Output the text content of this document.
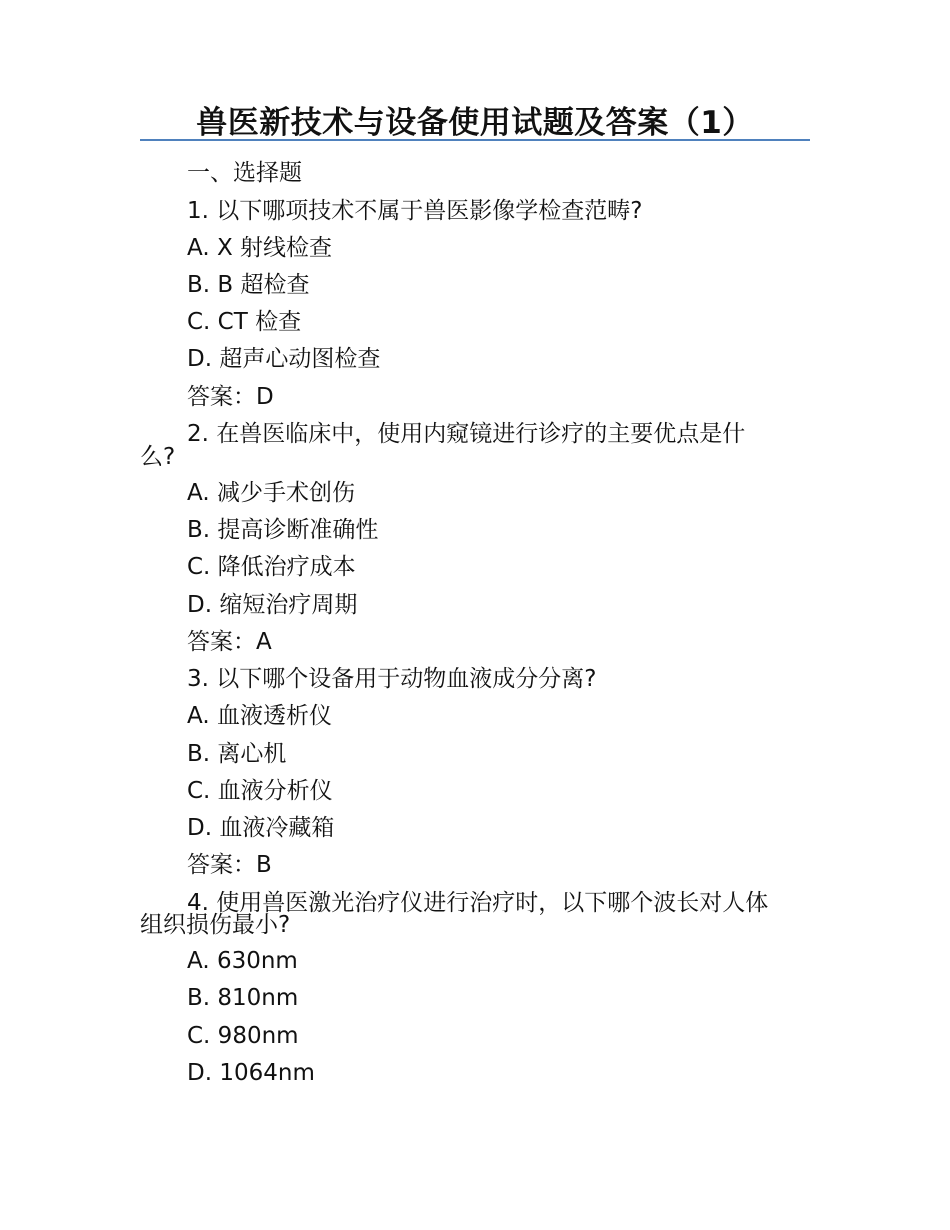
兽医新技术与设备使用试题及答案（1）
一、选择题
1. 以下哪项技术不属于兽医影像学检查范畴?
A. X 射线检查
B. B 超检查
C. CT 检查
D. 超声心动图检查
答案：D
2. 在兽医临床中，使用内窥镜进行诊疗的主要优点是什
么?
A. 减少手术创伤
B. 提高诊断准确性
C. 降低治疗成本
D. 缩短治疗周期
答案：A
3. 以下哪个设备用于动物血液成分分离?
A. 血液透析仪
B. 离心机
C. 血液分析仪
D. 血液冷藏箱
答案：B
4. 使用兽医激光治疗仪进行治疗时，以下哪个波长对人体
组织损伤最小?
A. 630nm
B. 810nm
C. 980nm
D. 1064nm
